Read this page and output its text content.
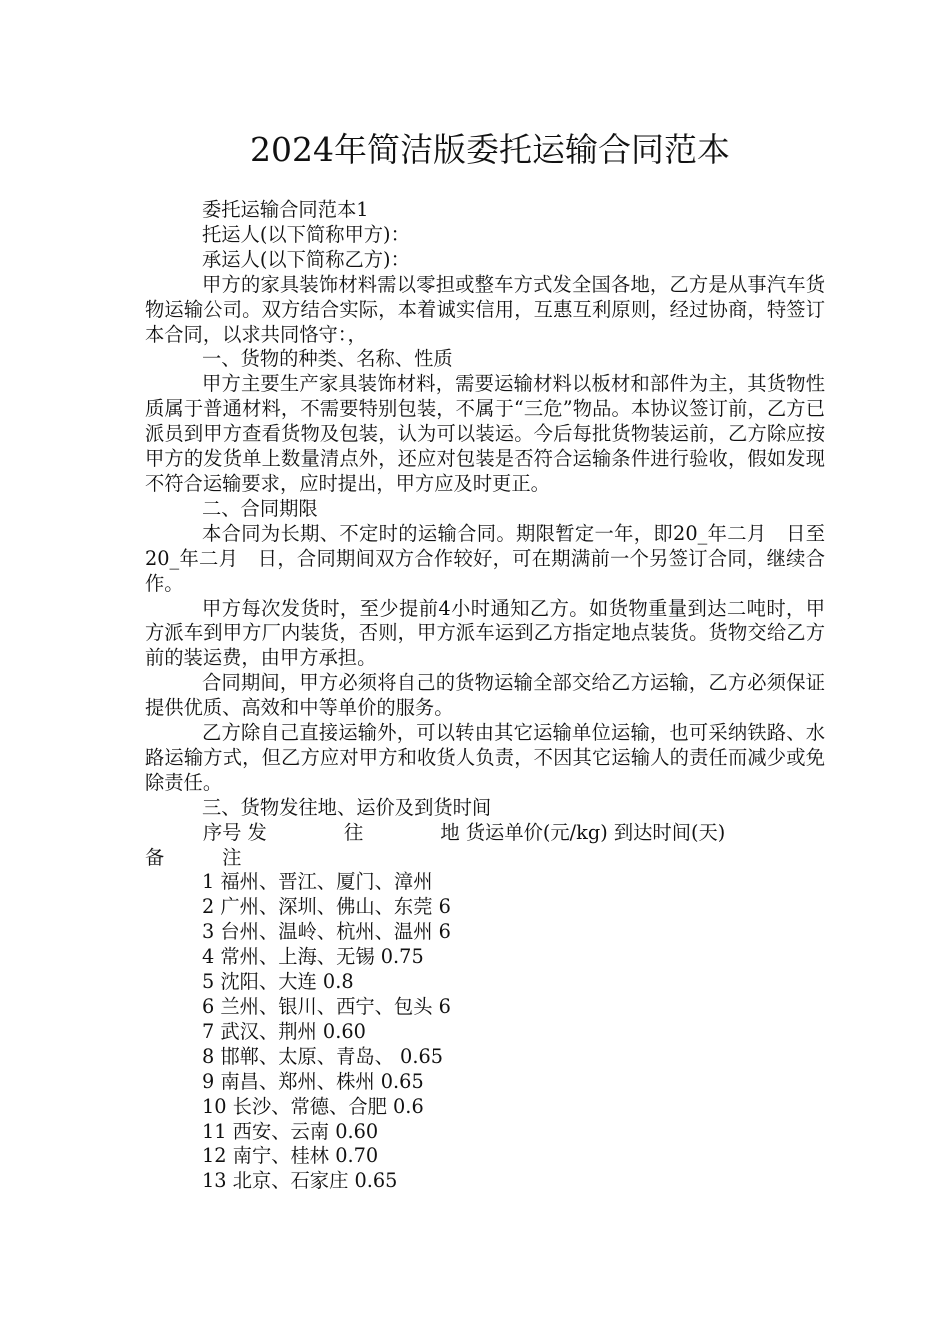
2024年简洁版委托运输合同范本

委托运输合同范本1

托运人(以下简称甲方)：

承运人(以下简称乙方)：

甲方的家具装饰材料需以零担或整车方式发全国各地，乙方是从事汽车货物运输公司。双方结合实际，本着诚实信用，互惠互利原则，经过协商，特签订本合同，以求共同恪守：，

一、货物的种类、名称、性质

甲方主要生产家具装饰材料，需要运输材料以板材和部件为主，其货物性质属于普通材料，不需要特别包装，不属于“三危”物品。本协议签订前，乙方已派员到甲方查看货物及包装，认为可以装运。今后每批货物装运前，乙方除应按甲方的发货单上数量清点外，还应对包装是否符合运输条件进行验收，假如发现不符合运输要求，应时提出，甲方应及时更正。

二、合同期限

本合同为长期、不定时的运输合同。期限暂定一年，即20_年二月　日至20_年二月　日，合同期间双方合作较好，可在期满前一个另签订合同，继续合作。

甲方每次发货时，至少提前4小时通知乙方。如货物重量到达二吨时，甲方派车到甲方厂内装货，否则，甲方派车运到乙方指定地点装货。货物交给乙方前的装运费，由甲方承担。

合同期间，甲方必须将自己的货物运输全部交给乙方运输，乙方必须保证提供优质、高效和中等单价的服务。

乙方除自己直接运输外，可以转由其它运输单位运输，也可采纳铁路、水路运输方式，但乙方应对甲方和收货人负责，不因其它运输人的责任而减少或免除责任。

三、货物发往地、运价及到货时间

　　　序号 发　　　　往　　　　地 货运单价(元/kg) 到达时间(天)

备　　　注

1 福州、晋江、厦门、漳州

2 广州、深圳、佛山、东莞 6

3 台州、温岭、杭州、温州 6

4 常州、上海、无锡 0.75

5 沈阳、大连 0.8

6 兰州、银川、西宁、包头 6

7 武汉、荆州 0.60

8 邯郸、太原、青岛、 0.65

9 南昌、郑州、株州 0.65

10 长沙、常德、合肥 0.6

11 西安、云南 0.60

12 南宁、桂林 0.70

13 北京、石家庄 0.65
